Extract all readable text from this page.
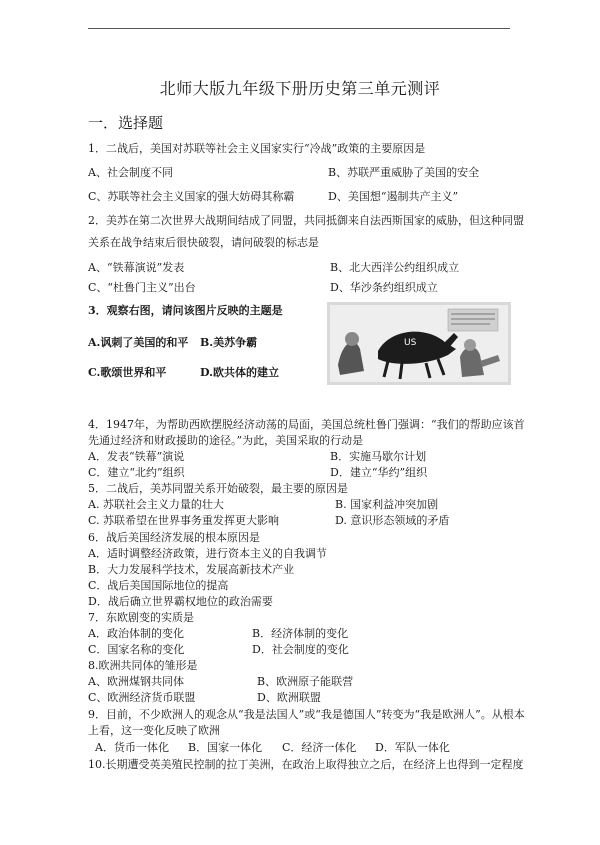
北师大版九年级下册历史第三单元测评
一．选择题
1．二战后，美国对苏联等社会主义国家实行“冷战”政策的主要原因是
A、社会制度不同	B、苏联严重威胁了美国的安全
C、苏联等社会主义国家的强大妨碍其称霸	D、美国想“遏制共产主义”
2．美苏在第二次世界大战期间结成了同盟，共同抵御来自法西斯国家的威胁，但这种同盟
关系在战争结束后很快破裂，请问破裂的标志是
A、“铁幕演说”发表	B、北大西洋公约组织成立
C、“杜鲁门主义”出台	D、华沙条约组织成立
3．观察右图，请问该图片反映的主题是
A.讽刺了美国的和平 B.美苏争霸
C.歌颂世界和平	D.欧共体的建立
US
4．1947年，为帮助西欧摆脱经济动荡的局面，美国总统杜鲁门强调：“我们的帮助应该首
先通过经济和财政援助的途径。”为此，美国采取的行动是
A．发表“铁幕”演说	B．实施马歇尔计划
C．建立“北约”组织	D．建立“华约”组织
5．二战后，美苏同盟关系开始破裂，最主要的原因是
A. 苏联社会主义力量的壮大	B. 国家利益冲突加剧
C. 苏联希望在世界事务重发挥更大影响	D. 意识形态领域的矛盾
6．战后美国经济发展的根本原因是
A．适时调整经济政策，进行资本主义的自我调节
B．大力发展科学技术，发展高新技术产业
C．战后美国国际地位的提高
D．战后确立世界霸权地位的政治需要
7．东欧剧变的实质是
A．政治体制的变化	B．经济体制的变化
C．国家名称的变化	D．社会制度的变化
8.欧洲共同体的雏形是
A、欧洲煤钢共同体	B、欧洲原子能联营
C、欧洲经济货币联盟	D、欧洲联盟
9．目前，不少欧洲人的观念从“我是法国人”或“我是德国人”转变为“我是欧洲人”。从根本
上看，这一变化反映了欧洲
A．货币一体化 B．国家一体化 C．经济一体化 D．军队一体化
10.长期遭受英美殖民控制的拉丁美洲，在政治上取得独立之后，在经济上也得到一定程度
